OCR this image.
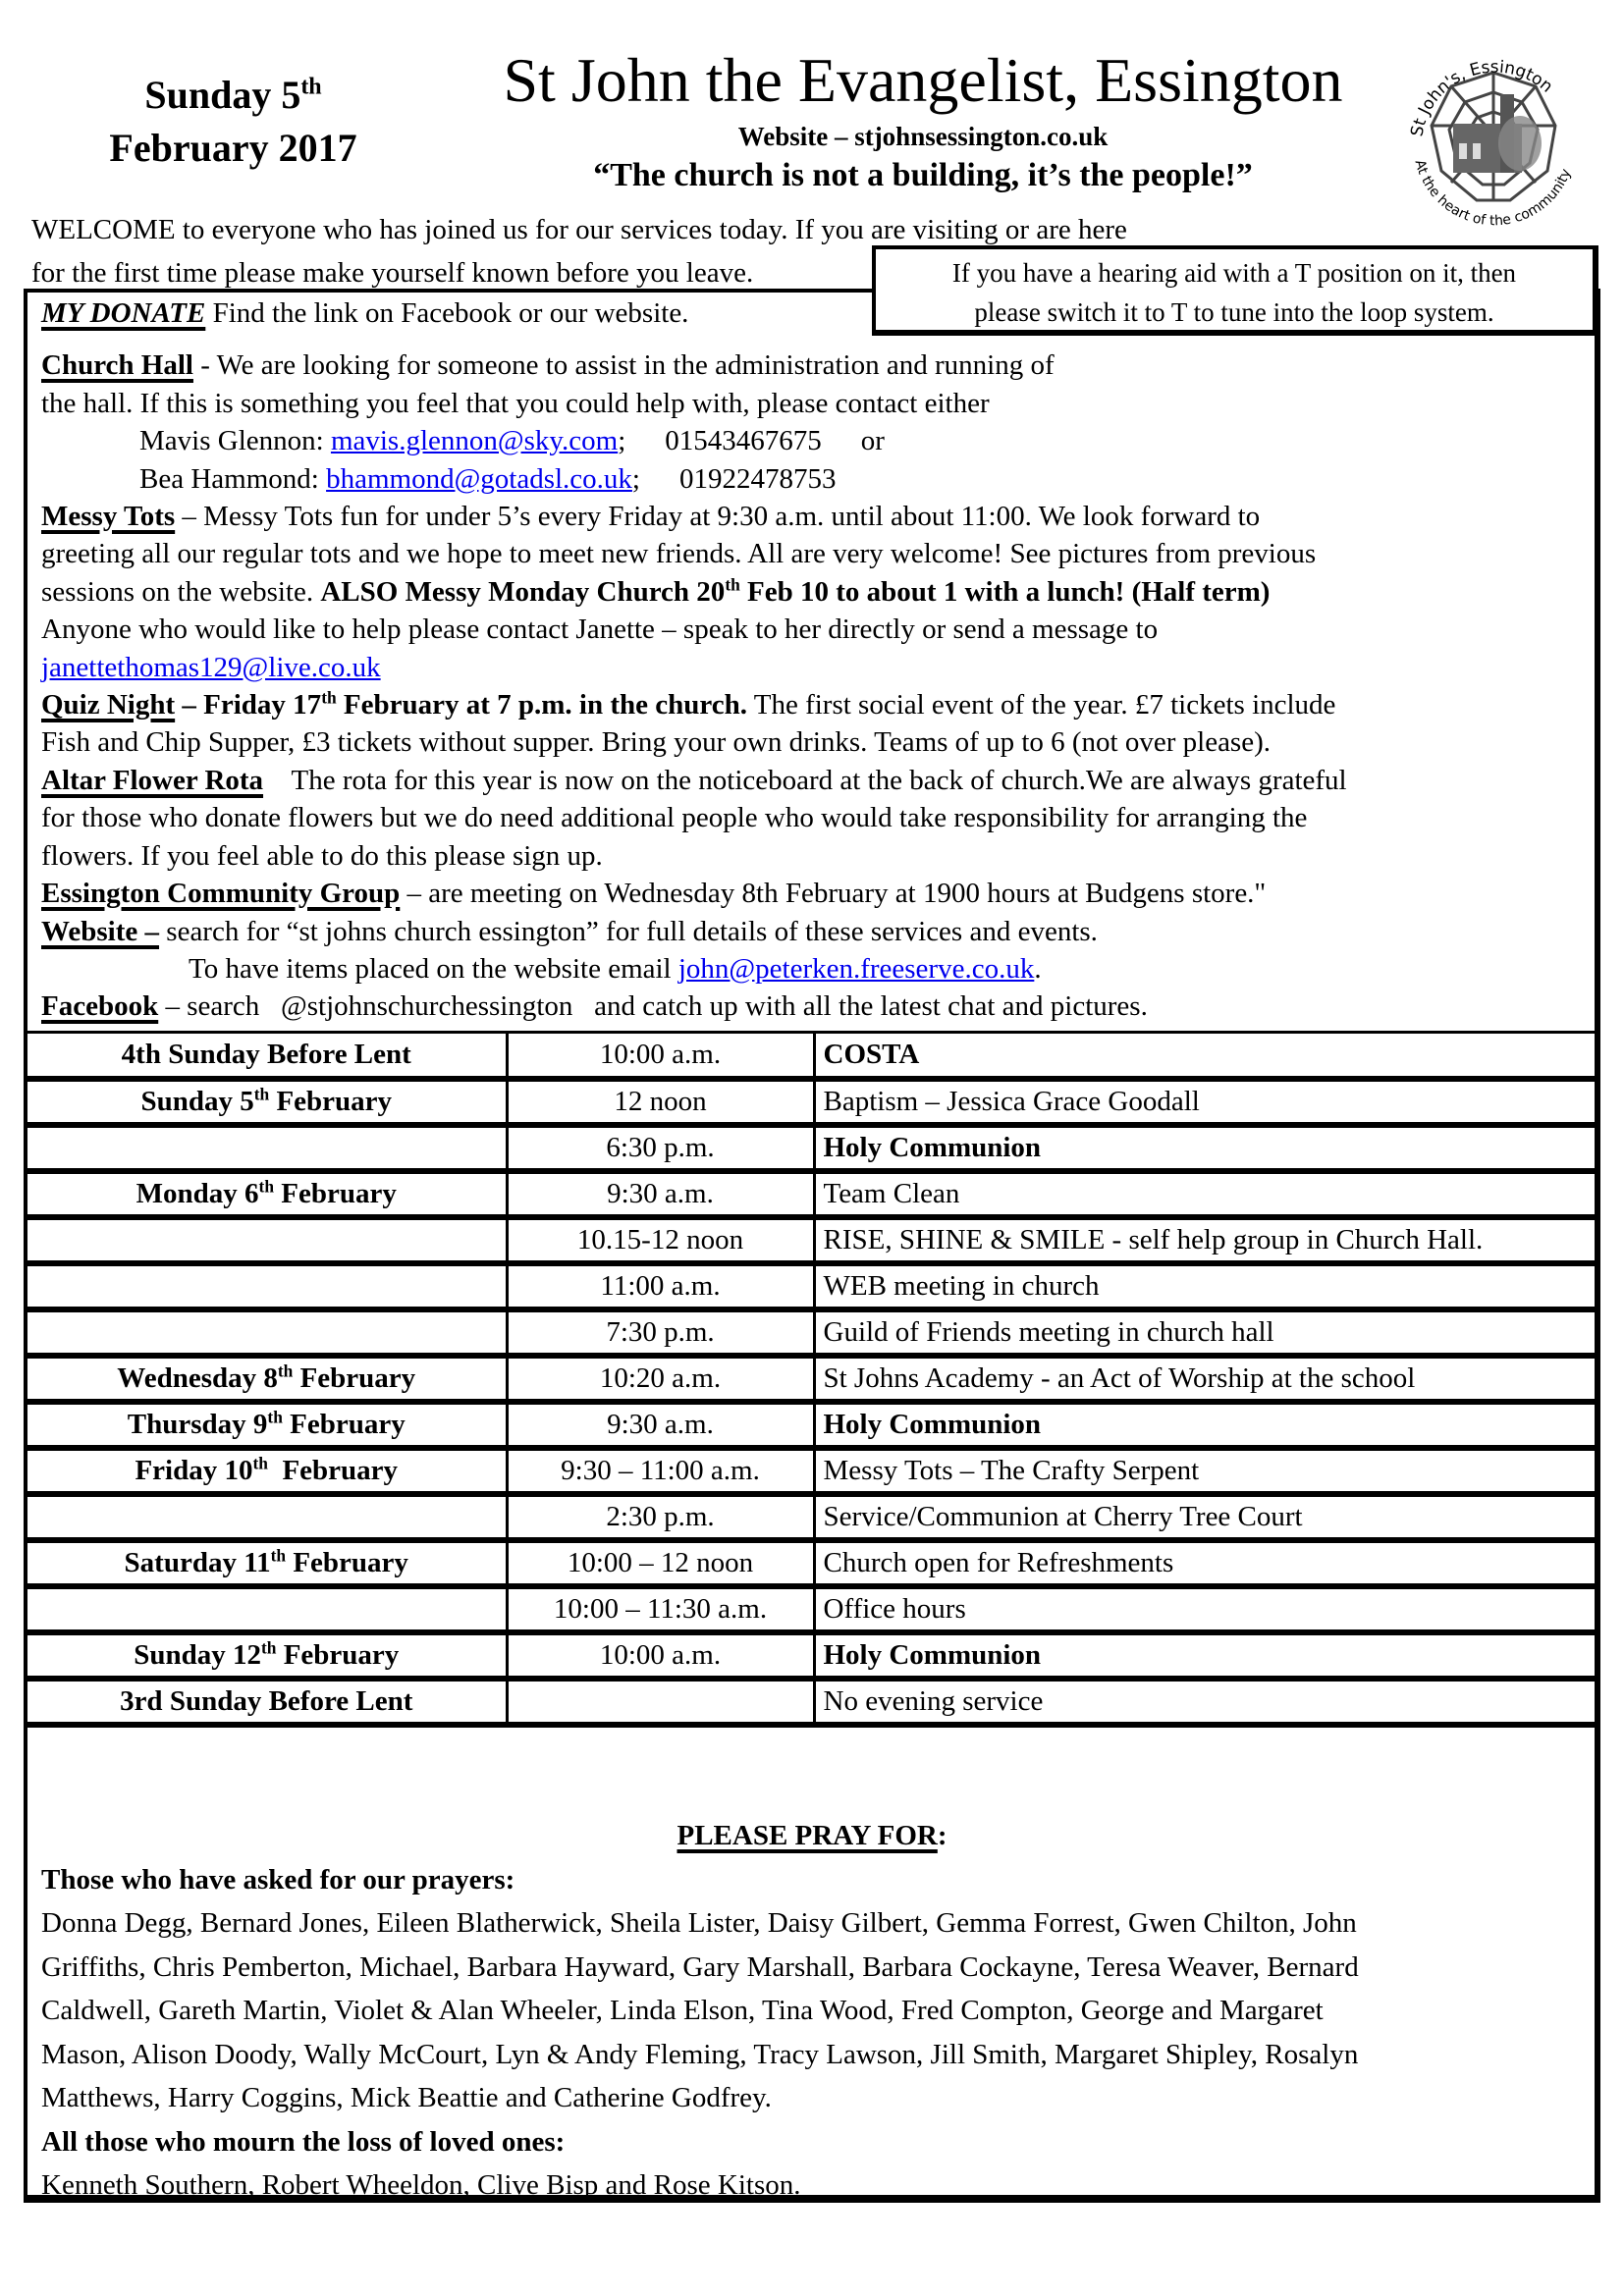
Sunday 5th
February 2017
St John the Evangelist, Essington
Website – stjohnsessington.co.uk
“The church is not a building, it’s the people!”
St John's, Essington
At the heart of the community
WELCOME to everyone who has joined us for our services today. If you are visiting or are here
for the first time please make yourself known before you leave.	If you have a hearing aid with a T position on it, then
please switch it to T to tune into the loop system.

MY DONATE Find the link on Facebook or our website.

Church Hall - We are looking for someone to assist in the administration and running of

the hall. If this is something you feel that you could help with, please contact either

Mavis Glennon: mavis.glennon@sky.com; 01543467675 or

Bea Hammond: bhammond@gotadsl.co.uk; 01922478753

Messy Tots – Messy Tots fun for under 5’s every Friday at 9:30 a.m. until about 11:00. We look forward to

greeting all our regular tots and we hope to meet new friends. All are very welcome! See pictures from previous

sessions on the website. ALSO Messy Monday Church 20th Feb 10 to about 1 with a lunch! (Half term)

Anyone who would like to help please contact Janette – speak to her directly or send a message to

janettethomas129@live.co.uk

Quiz Night – Friday 17th February at 7 p.m. in the church. The first social event of the year. £7 tickets include

Fish and Chip Supper, £3 tickets without supper. Bring your own drinks. Teams of up to 6 (not over please).

Altar Flower Rota    The rota for this year is now on the noticeboard at the back of church.We are always grateful

for those who donate flowers but we do need additional people who would take responsibility for arranging the

flowers. If you feel able to do this please sign up.

Essington Community Group – are meeting on Wednesday 8th February at 1900 hours at Budgens store."

Website – search for “st johns church essington” for full details of these services and events.

To have items placed on the website email john@peterken.freeserve.co.uk.

Facebook – search   @stjohnschurchessington   and catch up with all the latest chat and pictures.

4th Sunday Before Lent	10:00 a.m.	COSTA
Sunday 5th February	12 noon	Baptism – Jessica Grace Goodall
	6:30 p.m.	Holy Communion
Monday 6th February	9:30 a.m.	Team Clean
	10.15-12 noon	RISE, SHINE & SMILE - self help group in Church Hall.
	11:00 a.m.	WEB meeting in church
	7:30 p.m.	Guild of Friends meeting in church hall
Wednesday 8th February	10:20 a.m.	St Johns Academy - an Act of Worship at the school
Thursday 9th February	9:30 a.m.	Holy Communion
Friday 10th  February	9:30 – 11:00 a.m.	Messy Tots – The Crafty Serpent
	2:30 p.m.	Service/Communion at Cherry Tree Court
Saturday 11th February	10:00 – 12 noon	Church open for Refreshments
	10:00 – 11:30 a.m.	Office hours
Sunday 12th February	10:00 a.m.	Holy Communion
3rd Sunday Before Lent		No evening service

PLEASE PRAY FOR:

Those who have asked for our prayers:

Donna Degg, Bernard Jones, Eileen Blatherwick, Sheila Lister, Daisy Gilbert, Gemma Forrest, Gwen Chilton, John

Griffiths, Chris Pemberton, Michael, Barbara Hayward, Gary Marshall, Barbara Cockayne, Teresa Weaver, Bernard

Caldwell, Gareth Martin, Violet & Alan Wheeler, Linda Elson, Tina Wood, Fred Compton, George and Margaret

Mason, Alison Doody, Wally McCourt, Lyn & Andy Fleming, Tracy Lawson, Jill Smith, Margaret Shipley, Rosalyn

Matthews, Harry Coggins, Mick Beattie and Catherine Godfrey.

All those who mourn the loss of loved ones:

Kenneth Southern, Robert Wheeldon, Clive Bisp and Rose Kitson.
